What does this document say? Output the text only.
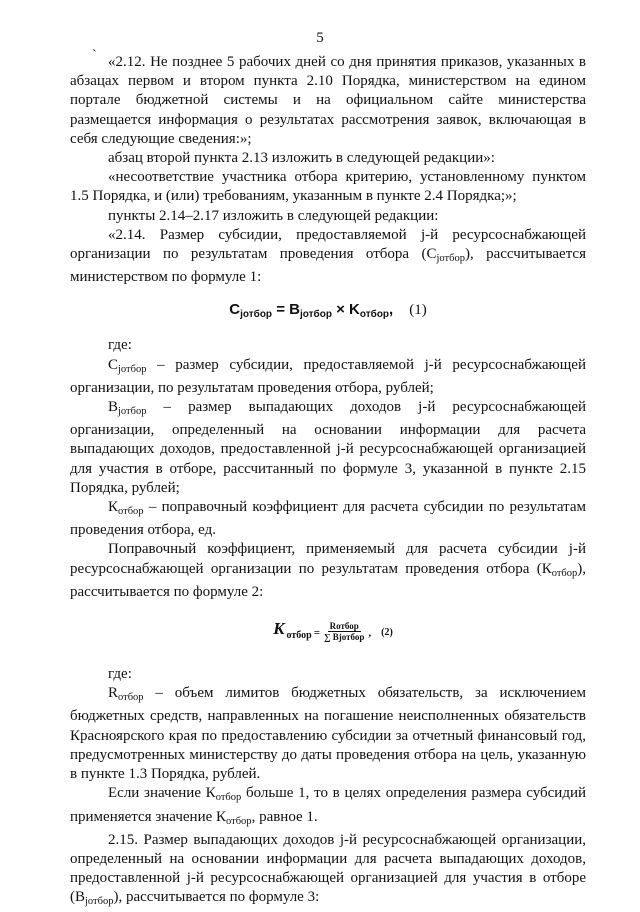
5
` «2.12. Не позднее 5 рабочих дней со дня принятия приказов, указанных в абзацах первом и втором пункта 2.10 Порядка, министерством на едином портале бюджетной системы и на официальном сайте министерства размещается информация о результатах рассмотрения заявок, включающая в себя следующие сведения:»;

абзац второй пункта 2.13 изложить в следующей редакции»:

«несоответствие участника отбора критерию, установленному пунктом 1.5 Порядка, и (или) требованиям, указанным в пункте 2.4 Порядка;»;

пункты 2.14–2.17 изложить в следующей редакции:

«2.14. Размер субсидии, предоставляемой j-й ресурсоснабжающей организации по результатам проведения отбора $(С_{jотбор})$, рассчитывается министерством по формуле 1:

$C_{jотбор} = B_{jотбор} \times K_{отбор}$, (1)

где:

$С_{jотбор}$ – размер субсидии, предоставляемой j-й ресурсоснабжающей организации, по результатам проведения отбора, рублей;

$В_{jотбор}$ – размер выпадающих доходов j-й ресурсоснабжающей организации, определенный на основании информации для расчета выпадающих доходов, предоставленной j-й ресурсоснабжающей организацией для участия в отборе, рассчитанный по формуле 3, указанной в пункте 2.15 Порядка, рублей;

$К_{отбор}$ – поправочный коэффициент для расчета субсидии по результатам проведения отбора, ед.

Поправочный коэффициент, применяемый для расчета субсидии j-й ресурсоснабжающей организации по результатам проведения отбора $(К_{отбор})$, рассчитывается по формуле 2:

K отбор = $\frac{\text{Rотбор}}{\text{∑ Bjотбор}}$ , (2)

где:

$R_{отбор}$ – объем лимитов бюджетных обязательств, за исключением бюджетных средств, направленных на погашение неисполненных обязательств Красноярского края по предоставлению субсидии за отчетный финансовый год, предусмотренных министерству до даты проведения отбора на цель, указанную в пункте 1.3 Порядка, рублей.

Если значение $К_{отбор}$ больше 1, то в целях определения размера субсидий применяется значение $К_{отбор}$, равное 1.

2.15. Размер выпадающих доходов j-й ресурсоснабжающей организации, определенный на основании информации для расчета выпадающих доходов, предоставленной j-й ресурсоснабжающей организацией для участия в отборе $(В_{jотбор})$, рассчитывается по формуле 3:
